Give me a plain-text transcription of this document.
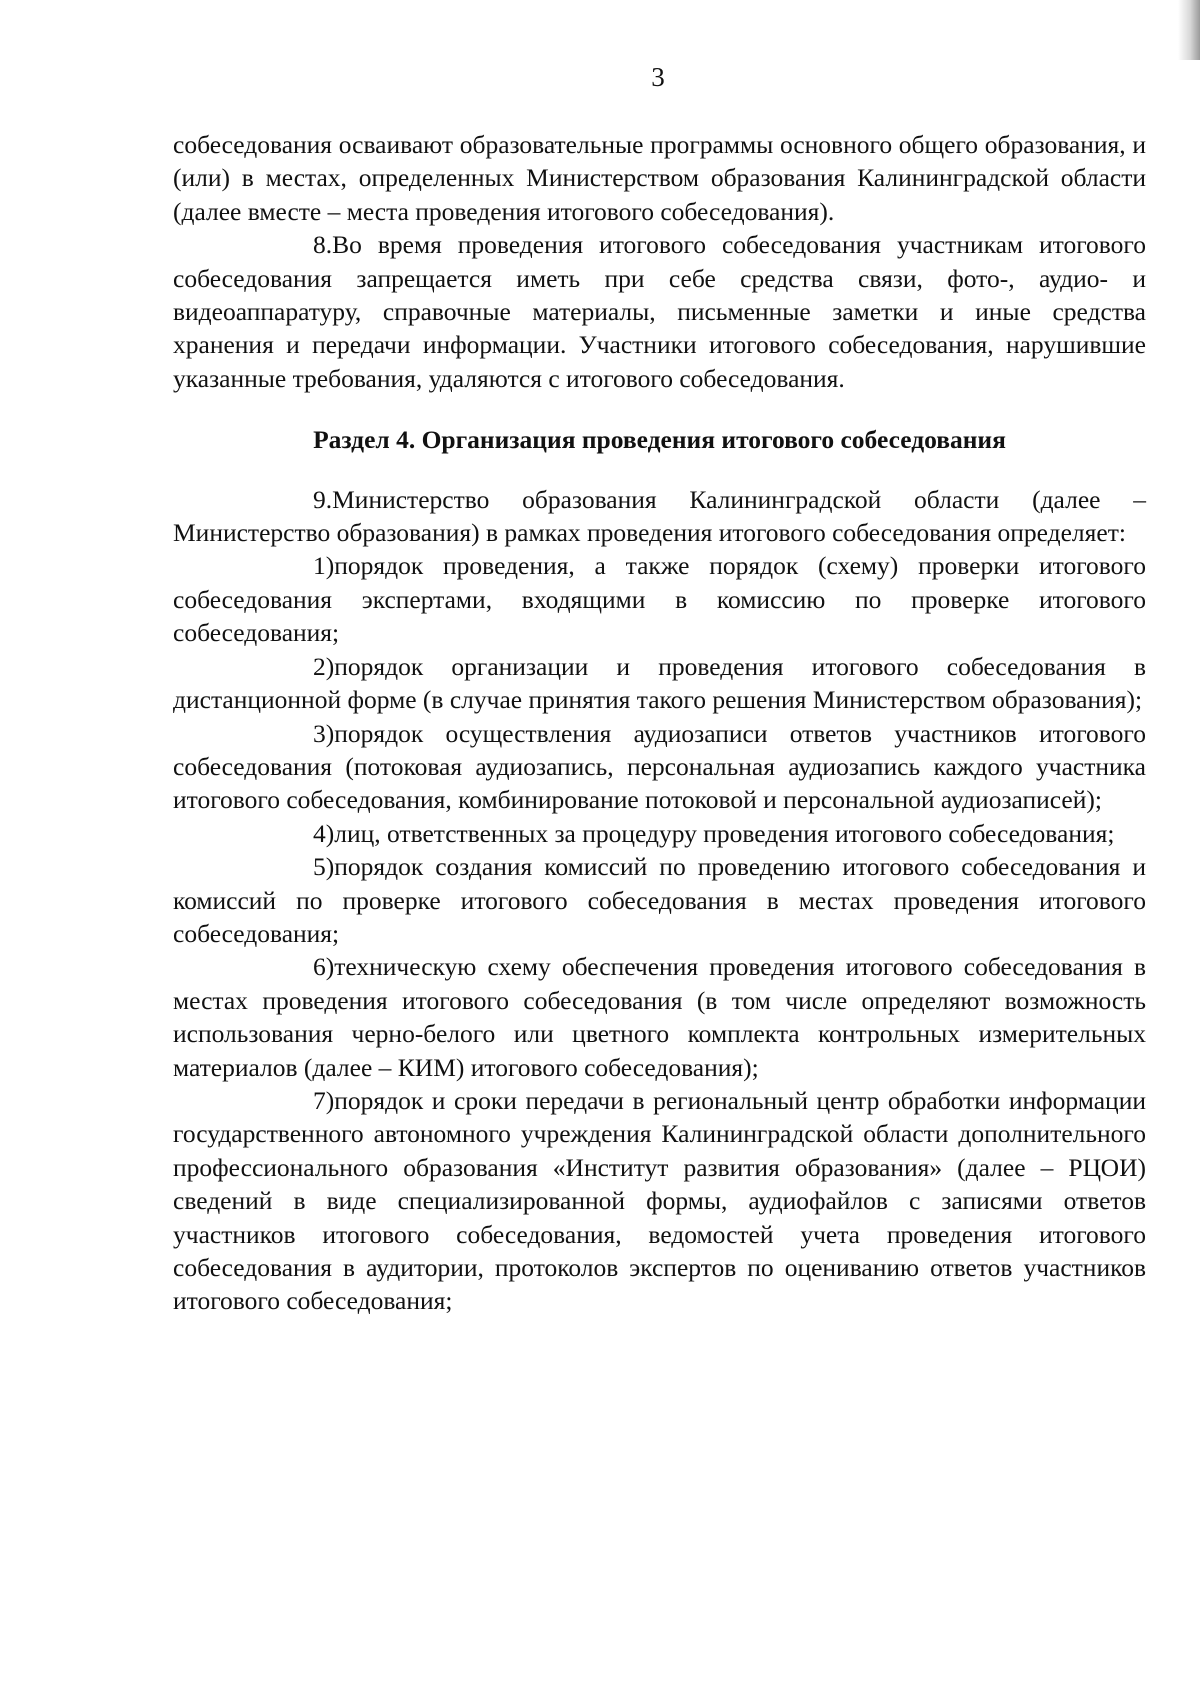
3

собеседования осваивают образовательные программы основного общего образования, и (или) в местах, определенных Министерством образования Калининградской области (далее вместе – места проведения итогового собеседования).

8.Во время проведения итогового собеседования участникам итогового собеседования запрещается иметь при себе средства связи, фото-, аудио- и видеоаппаратуру, справочные материалы, письменные заметки и иные средства хранения и передачи информации. Участники итогового собеседования, нарушившие указанные требования, удаляются с итогового собеседования.

Раздел 4. Организация проведения итогового собеседования

9.Министерство образования Калининградской области (далее – Министерство образования) в рамках проведения итогового собеседования определяет:

1)порядок проведения, а также порядок (схему) проверки итогового собеседования экспертами, входящими в комиссию по проверке итогового собеседования;

2)порядок организации и проведения итогового собеседования в дистанционной форме (в случае принятия такого решения Министерством образования);

3)порядок осуществления аудиозаписи ответов участников итогового собеседования (потоковая аудиозапись, персональная аудиозапись каждого участника итогового собеседования, комбинирование потоковой и персональной аудиозаписей);

4)лиц, ответственных за процедуру проведения итогового собеседования;

5)порядок создания комиссий по проведению итогового собеседования и комиссий по проверке итогового собеседования в местах проведения итогового собеседования;

6)техническую схему обеспечения проведения итогового собеседования в местах проведения итогового собеседования (в том числе определяют возможность использования черно-белого или цветного комплекта контрольных измерительных материалов (далее – КИМ) итогового собеседования);

7)порядок и сроки передачи в региональный центр обработки информации государственного автономного учреждения Калининградской области дополнительного профессионального образования «Институт развития образования» (далее – РЦОИ) сведений в виде специализированной формы, аудиофайлов с записями ответов участников итогового собеседования, ведомостей учета проведения итогового собеседования в аудитории, протоколов экспертов по оцениванию ответов участников итогового собеседования;
